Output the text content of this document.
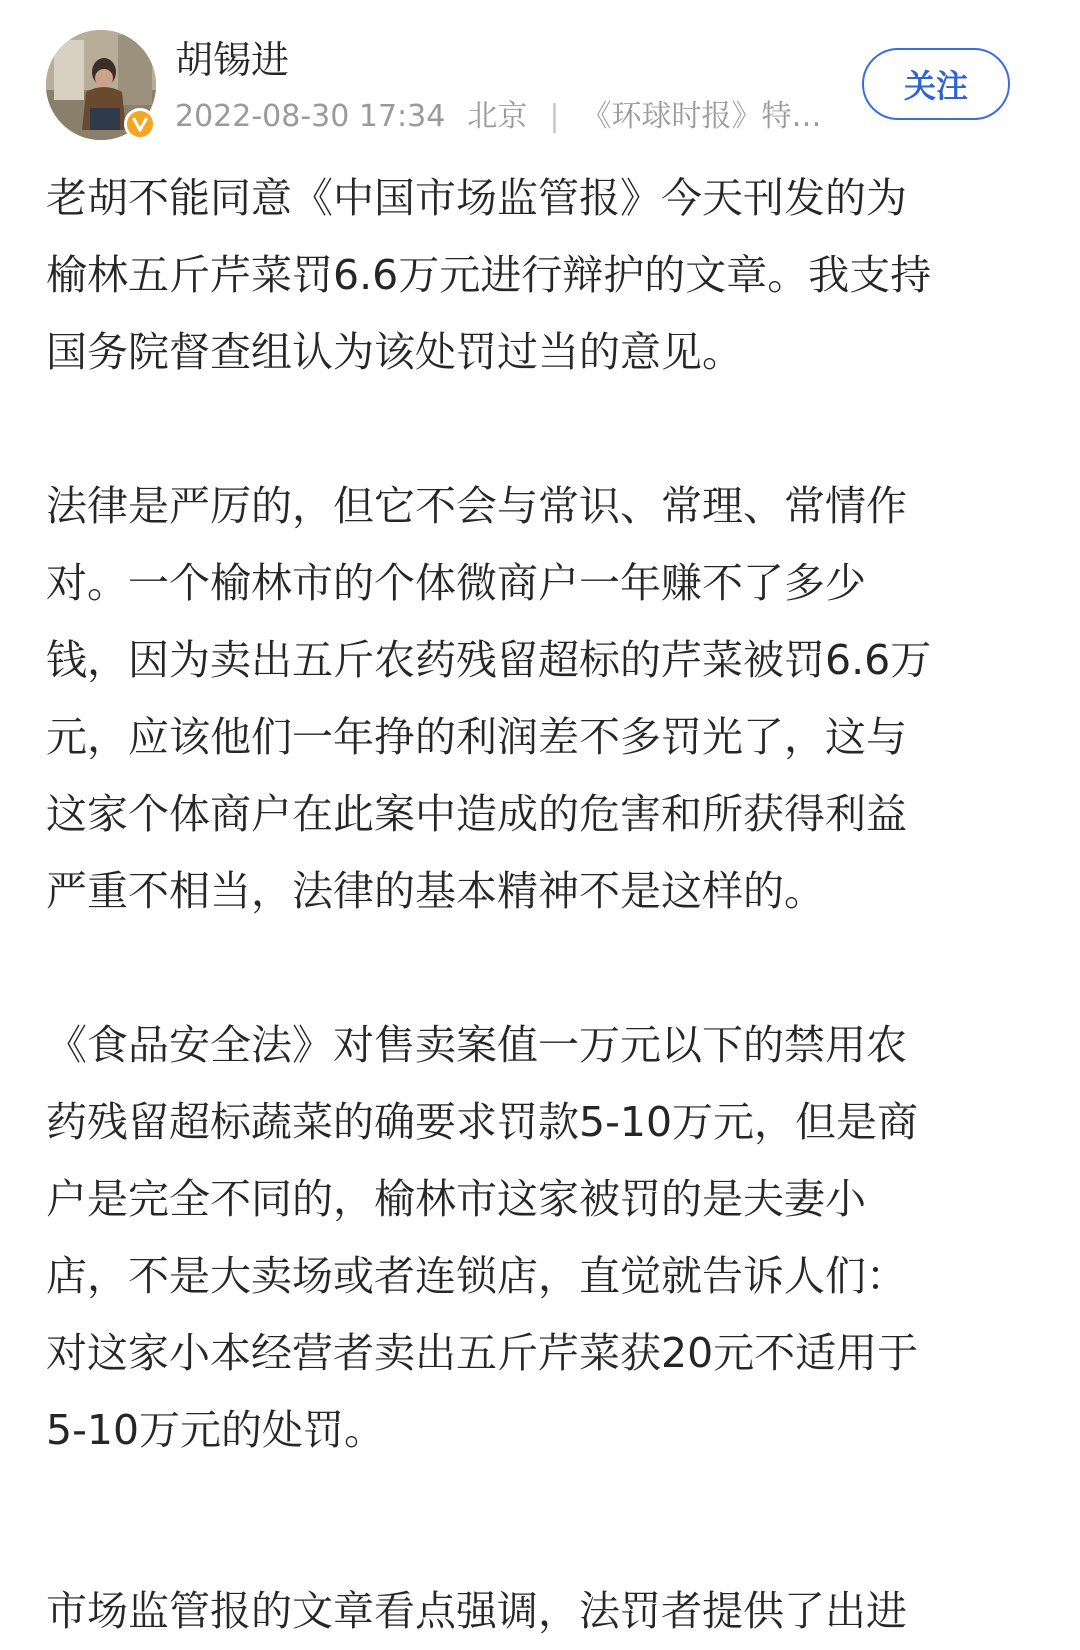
胡锡进
2022-08-30 17:34 北京 | 《环球时报》特…
关注

老胡不能同意《中国市场监管报》今天刊发的为
榆林五斤芹菜罚6.6万元进行辩护的文章。我支持
国务院督查组认为该处罚过当的意见。

法律是严厉的，但它不会与常识、常理、常情作
对。一个榆林市的个体微商户一年赚不了多少
钱，因为卖出五斤农药残留超标的芹菜被罚6.6万
元，应该他们一年挣的利润差不多罚光了，这与
这家个体商户在此案中造成的危害和所获得利益
严重不相当，法律的基本精神不是这样的。

《食品安全法》对售卖案值一万元以下的禁用农
药残留超标蔬菜的确要求罚款5-10万元，但是商
户是完全不同的，榆林市这家被罚的是夫妻小
店，不是大卖场或者连锁店，直觉就告诉人们：
对这家小本经营者卖出五斤芹菜获20元不适用于
5-10万元的处罚。

市场监管报的文章看点强调，法罚者提供了出进
